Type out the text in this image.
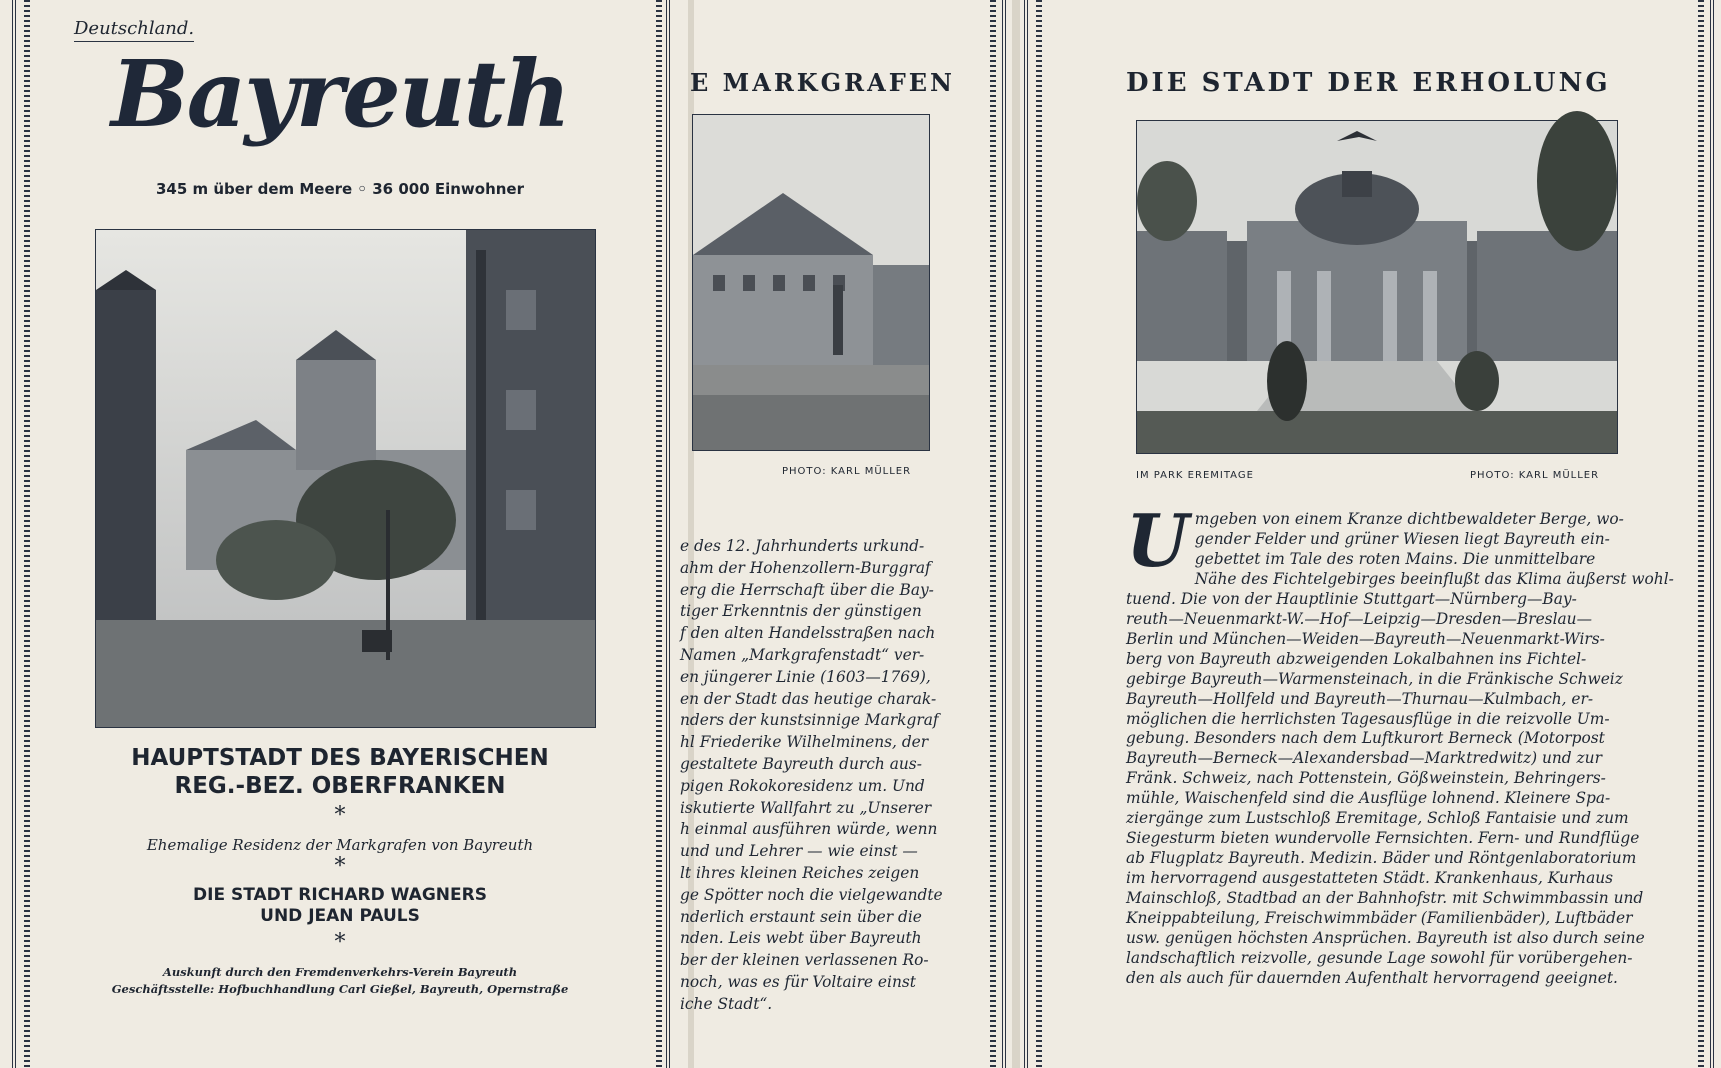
Deutschland.
Bayreuth
345 m über dem Meere ◦ 36 000 Einwohner
HAUPTSTADT DES BAYERISCHEN
REG.-BEZ. OBERFRANKEN
*
Ehemalige Residenz der Markgrafen von Bayreuth
*
DIE STADT RICHARD WAGNERS
UND JEAN PAULS
*
Auskunft durch den Fremdenverkehrs-Verein Bayreuth
Geschäftsstelle: Hofbuchhandlung Carl Gießel, Bayreuth, Opernstraße
E MARKGRAFEN
PHOTO: KARL MÜLLER
e des 12. Jahrhunderts urkund-
ahm der Hohenzollern-Burggraf
erg die Herrschaft über die Bay-
tiger Erkenntnis der günstigen
f den alten Handelsstraßen nach
Namen „Markgrafenstadt“ ver-
en jüngerer Linie (1603—1769),
en der Stadt das heutige charak-
nders der kunstsinnige Markgraf
hl Friederike Wilhelminens, der
gestaltete Bayreuth durch aus-
pigen Rokokoresidenz um. Und
iskutierte Wallfahrt zu „Unserer
h einmal ausführen würde, wenn
und und Lehrer — wie einst —
lt ihres kleinen Reiches zeigen
ge Spötter noch die vielgewandte
nderlich erstaunt sein über die
nden. Leis webt über Bayreuth
ber der kleinen verlassenen Ro-
noch, was es für Voltaire einst
iche Stadt“.
DIE STADT DER ERHOLUNG
IM PARK EREMITAGE	PHOTO: KARL MÜLLER
U mgeben von einem Kranze dichtbewaldeter Berge, wo-
gender Felder und grüner Wiesen liegt Bayreuth ein-
gebettet im Tale des roten Mains. Die unmittelbare
Nähe des Fichtelgebirges beeinflußt das Klima äußerst wohl-
tuend. Die von der Hauptlinie Stuttgart—Nürnberg—Bay-
reuth—Neuenmarkt-W.—Hof—Leipzig—Dresden—Breslau—
Berlin und München—Weiden—Bayreuth—Neuenmarkt-Wirs-
berg von Bayreuth abzweigenden Lokalbahnen ins Fichtel-
gebirge Bayreuth—Warmensteinach, in die Fränkische Schweiz
Bayreuth—Hollfeld und Bayreuth—Thurnau—Kulmbach, er-
möglichen die herrlichsten Tagesausflüge in die reizvolle Um-
gebung. Besonders nach dem Luftkurort Berneck (Motorpost
Bayreuth—Berneck—Alexandersbad—Marktredwitz) und zur
Fränk. Schweiz, nach Pottenstein, Gößweinstein, Behringers-
mühle, Waischenfeld sind die Ausflüge lohnend. Kleinere Spa-
ziergänge zum Lustschloß Eremitage, Schloß Fantaisie und zum
Siegesturm bieten wundervolle Fernsichten. Fern- und Rundflüge
ab Flugplatz Bayreuth. Medizin. Bäder und Röntgenlaboratorium
im hervorragend ausgestatteten Städt. Krankenhaus, Kurhaus
Mainschloß, Stadtbad an der Bahnhofstr. mit Schwimmbassin und
Kneippabteilung, Freischwimmbäder (Familienbäder), Luftbäder
usw. genügen höchsten Ansprüchen. Bayreuth ist also durch seine
landschaftlich reizvolle, gesunde Lage sowohl für vorübergehen-
den als auch für dauernden Aufenthalt hervorragend geeignet.
